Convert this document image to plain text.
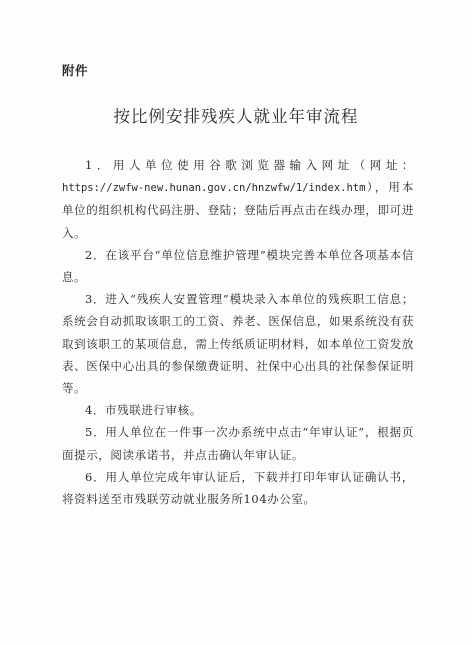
附件
按比例安排残疾人就业年审流程

1．用人单位使用谷歌浏览器输入网址（网址：https://zwfw-new.hunan.gov.cn/hnzwfw/1/index.htm），用本单位的组织机构代码注册、登陆；登陆后再点击在线办理，即可进入。

2．在该平台“单位信息维护管理”模块完善本单位各项基本信息。

3．进入“残疾人安置管理”模块录入本单位的残疾职工信息；系统会自动抓取该职工的工资、养老、医保信息，如果系统没有获取到该职工的某项信息，需上传纸质证明材料，如本单位工资发放表、医保中心出具的参保缴费证明、社保中心出具的社保参保证明等。

4．市残联进行审核。

5．用人单位在一件事一次办系统中点击“年审认证”，根据页面提示，阅读承诺书，并点击确认年审认证。

6．用人单位完成年审认证后，下载并打印年审认证确认书，将资料送至市残联劳动就业服务所104办公室。
